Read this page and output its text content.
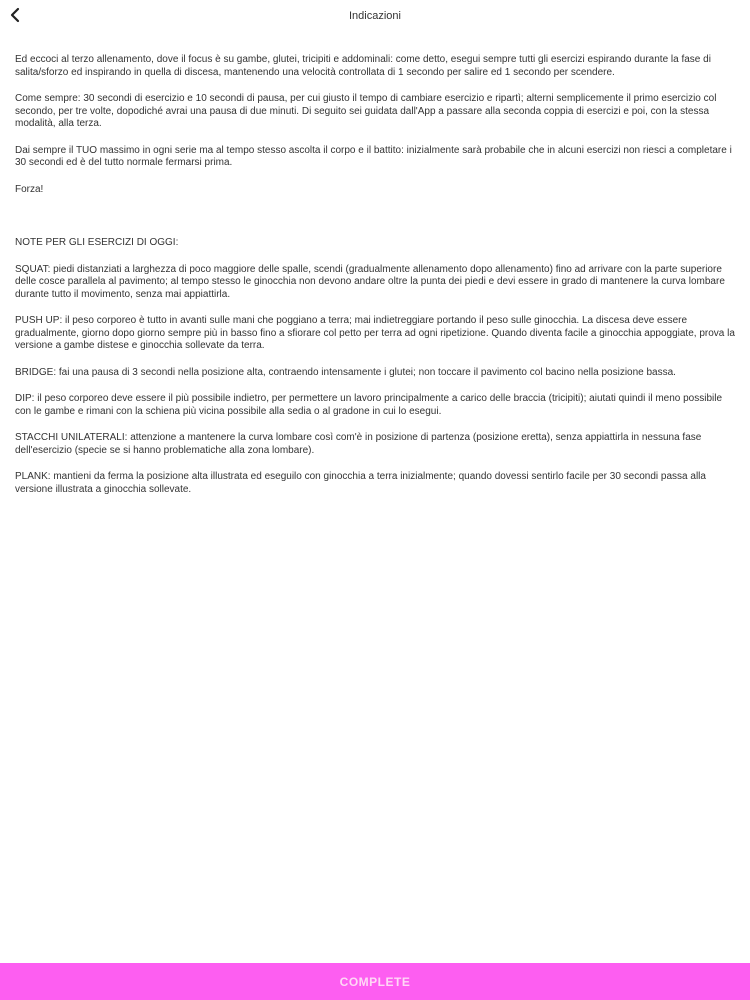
Indicazioni

Ed eccoci al terzo allenamento, dove il focus è su gambe, glutei, tricipiti e addominali: come detto, esegui sempre tutti gli esercizi espirando durante la fase di salita/sforzo ed inspirando in quella di discesa, mantenendo una velocità controllata di 1 secondo per salire ed 1 secondo per scendere.

Come sempre: 30 secondi di esercizio e 10 secondi di pausa, per cui giusto il tempo di cambiare esercizio e ripartì; alterni semplicemente il primo esercizio col secondo, per tre volte, dopodiché avrai una pausa di due minuti. Di seguito sei guidata dall'App a passare alla seconda coppia di esercizi e poi, con la stessa modalità, alla terza.

Dai sempre il TUO massimo in ogni serie ma al tempo stesso ascolta il corpo e il battito: inizialmente sarà probabile che in alcuni esercizi non riesci a completare i 30 secondi ed è del tutto normale fermarsi prima.

Forza!

NOTE PER GLI ESERCIZI DI OGGI:

SQUAT: piedi distanziati a larghezza di poco maggiore delle spalle, scendi (gradualmente allenamento dopo allenamento) fino ad arrivare con la parte superiore delle cosce parallela al pavimento; al tempo stesso le ginocchia non devono andare oltre la punta dei piedi e devi essere in grado di mantenere la curva lombare durante tutto il movimento, senza mai appiattirla.

PUSH UP: il peso corporeo è tutto in avanti sulle mani che poggiano a terra; mai indietreggiare portando il peso sulle ginocchia. La discesa deve essere gradualmente, giorno dopo giorno sempre più in basso fino a sfiorare col petto per terra ad ogni ripetizione. Quando diventa facile a ginocchia appoggiate, prova la versione a gambe distese e ginocchia sollevate da terra.

BRIDGE: fai una pausa di 3 secondi nella posizione alta, contraendo intensamente i glutei; non toccare il pavimento col bacino nella posizione bassa.

DIP: il peso corporeo deve essere il più possibile indietro, per permettere un lavoro principalmente a carico delle braccia (tricipiti); aiutati quindi il meno possibile con le gambe e rimani con la schiena più vicina possibile alla sedia o al gradone in cui lo esegui.

STACCHI UNILATERALI: attenzione a mantenere la curva lombare così com'è in posizione di partenza (posizione eretta), senza appiattirla in nessuna fase dell'esercizio (specie se si hanno problematiche alla zona lombare).

PLANK: mantieni da ferma la posizione alta illustrata ed eseguilo con ginocchia a terra inizialmente; quando dovessi sentirlo facile per 30 secondi passa alla versione illustrata a ginocchia sollevate.

COMPLETE
